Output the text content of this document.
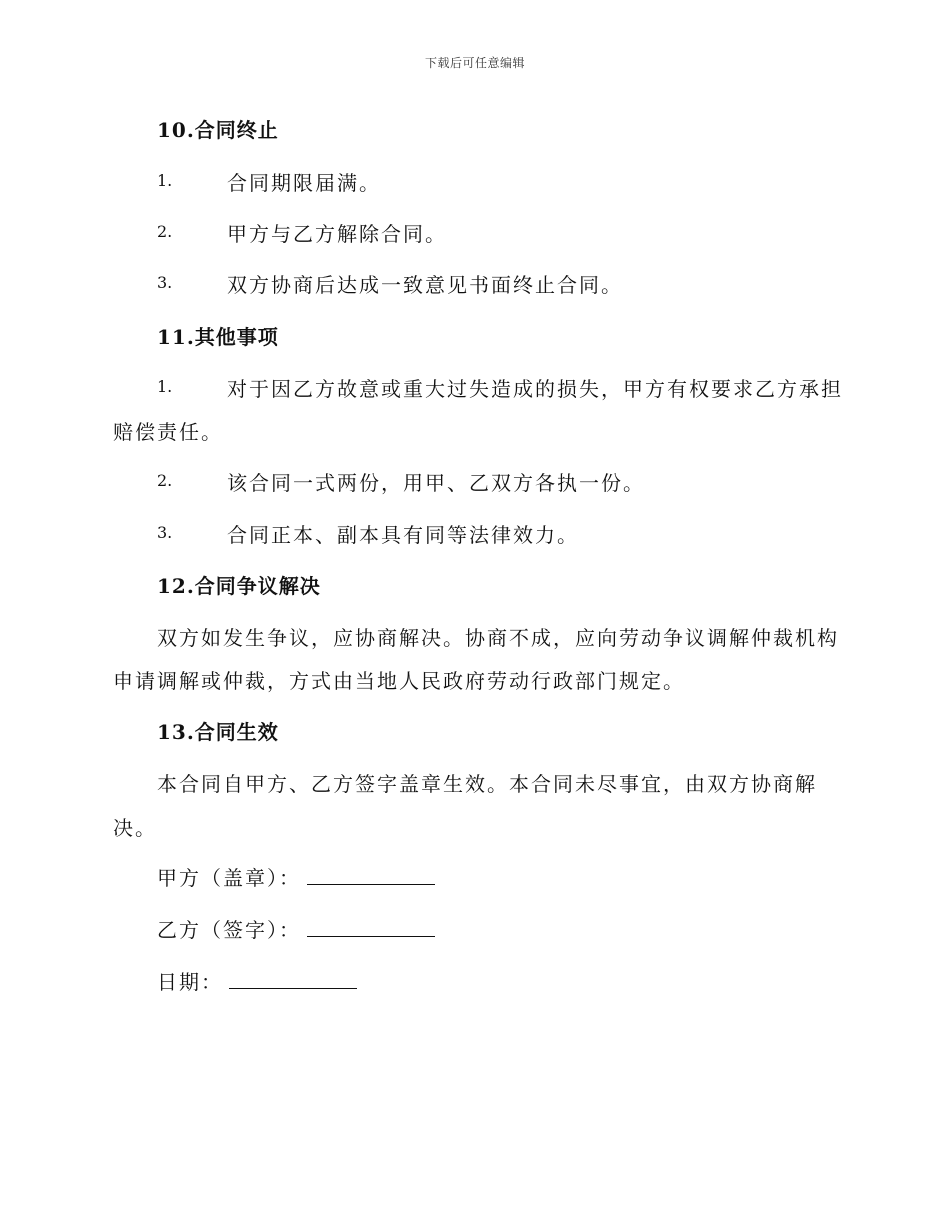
下载后可任意编辑
10.合同终止
1.	合同期限届满。
2.	甲方与乙方解除合同。
3.	双方协商后达成一致意见书面终止合同。
11.其他事项
1.	对于因乙方故意或重大过失造成的损失，甲方有权要求乙方承担
赔偿责任。
2.	该合同一式两份，用甲、乙双方各执一份。
3.	合同正本、副本具有同等法律效力。
12.合同争议解决
双方如发生争议，应协商解决。协商不成，应向劳动争议调解仲裁机构
申请调解或仲裁，方式由当地人民政府劳动行政部门规定。
13.合同生效
本合同自甲方、乙方签字盖章生效。本合同未尽事宜，由双方协商解
决。
甲方（盖章）：
乙方（签字）：
日期：
